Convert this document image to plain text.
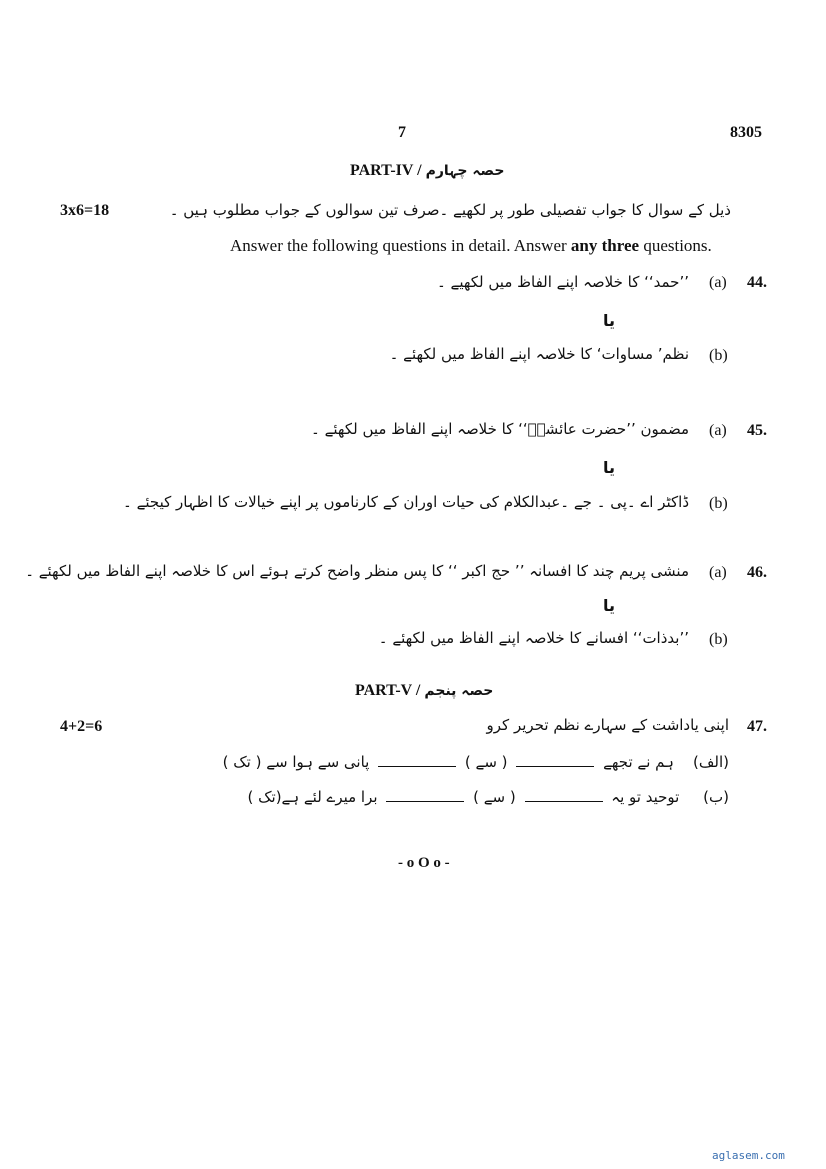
7	8305
PART-IV / حصہ چہارم
3x6=18	ذیل کے سوال کا جواب تفصیلی طور پر لکھیے ۔صرف تین سوالوں کے جواب مطلوب ہیں ۔
Answer the following questions in detail. Answer any three questions.
44.
(a)
’’حمد‘‘ کا خلاصہ اپنے الفاظ میں لکھیے ۔
یا
(b)
نظم’ مساوات‘ کا خلاصہ اپنے الفاظ میں لکھئے ۔
45.
(a)
مضمون ’’حضرت عائشہؓ‘‘ کا خلاصہ اپنے الفاظ میں لکھئے ۔
یا
(b)
ڈاکٹر اے ۔پی ۔ جے ۔عبدالکلام کی حیات اوران کے کارناموں پر اپنے خیالات کا اظہار کیجئے ۔
46.
(a)
منشی پریم چند کا افسانہ ’’ حج اکبر ‘‘ کا پس منظر واضح کرتے ہوئے اس کا خلاصہ اپنے الفاظ میں لکھئے ۔
یا
(b)
’’بدذات‘‘ افسانے کا خلاصہ اپنے الفاظ میں لکھئے ۔
PART-V / حصہ پنجم
4+2=6	47.
اپنی یاداشت کے سہارے نظم تحریر کرو
(الف)    ہم نے تجھے  ( سے )  پانی سے ہوا سے ( تک )
(ب)     توحید تو یہ  ( سے )  برا میرے لئے ہے(تک )
- o O o -
aglasem.com
